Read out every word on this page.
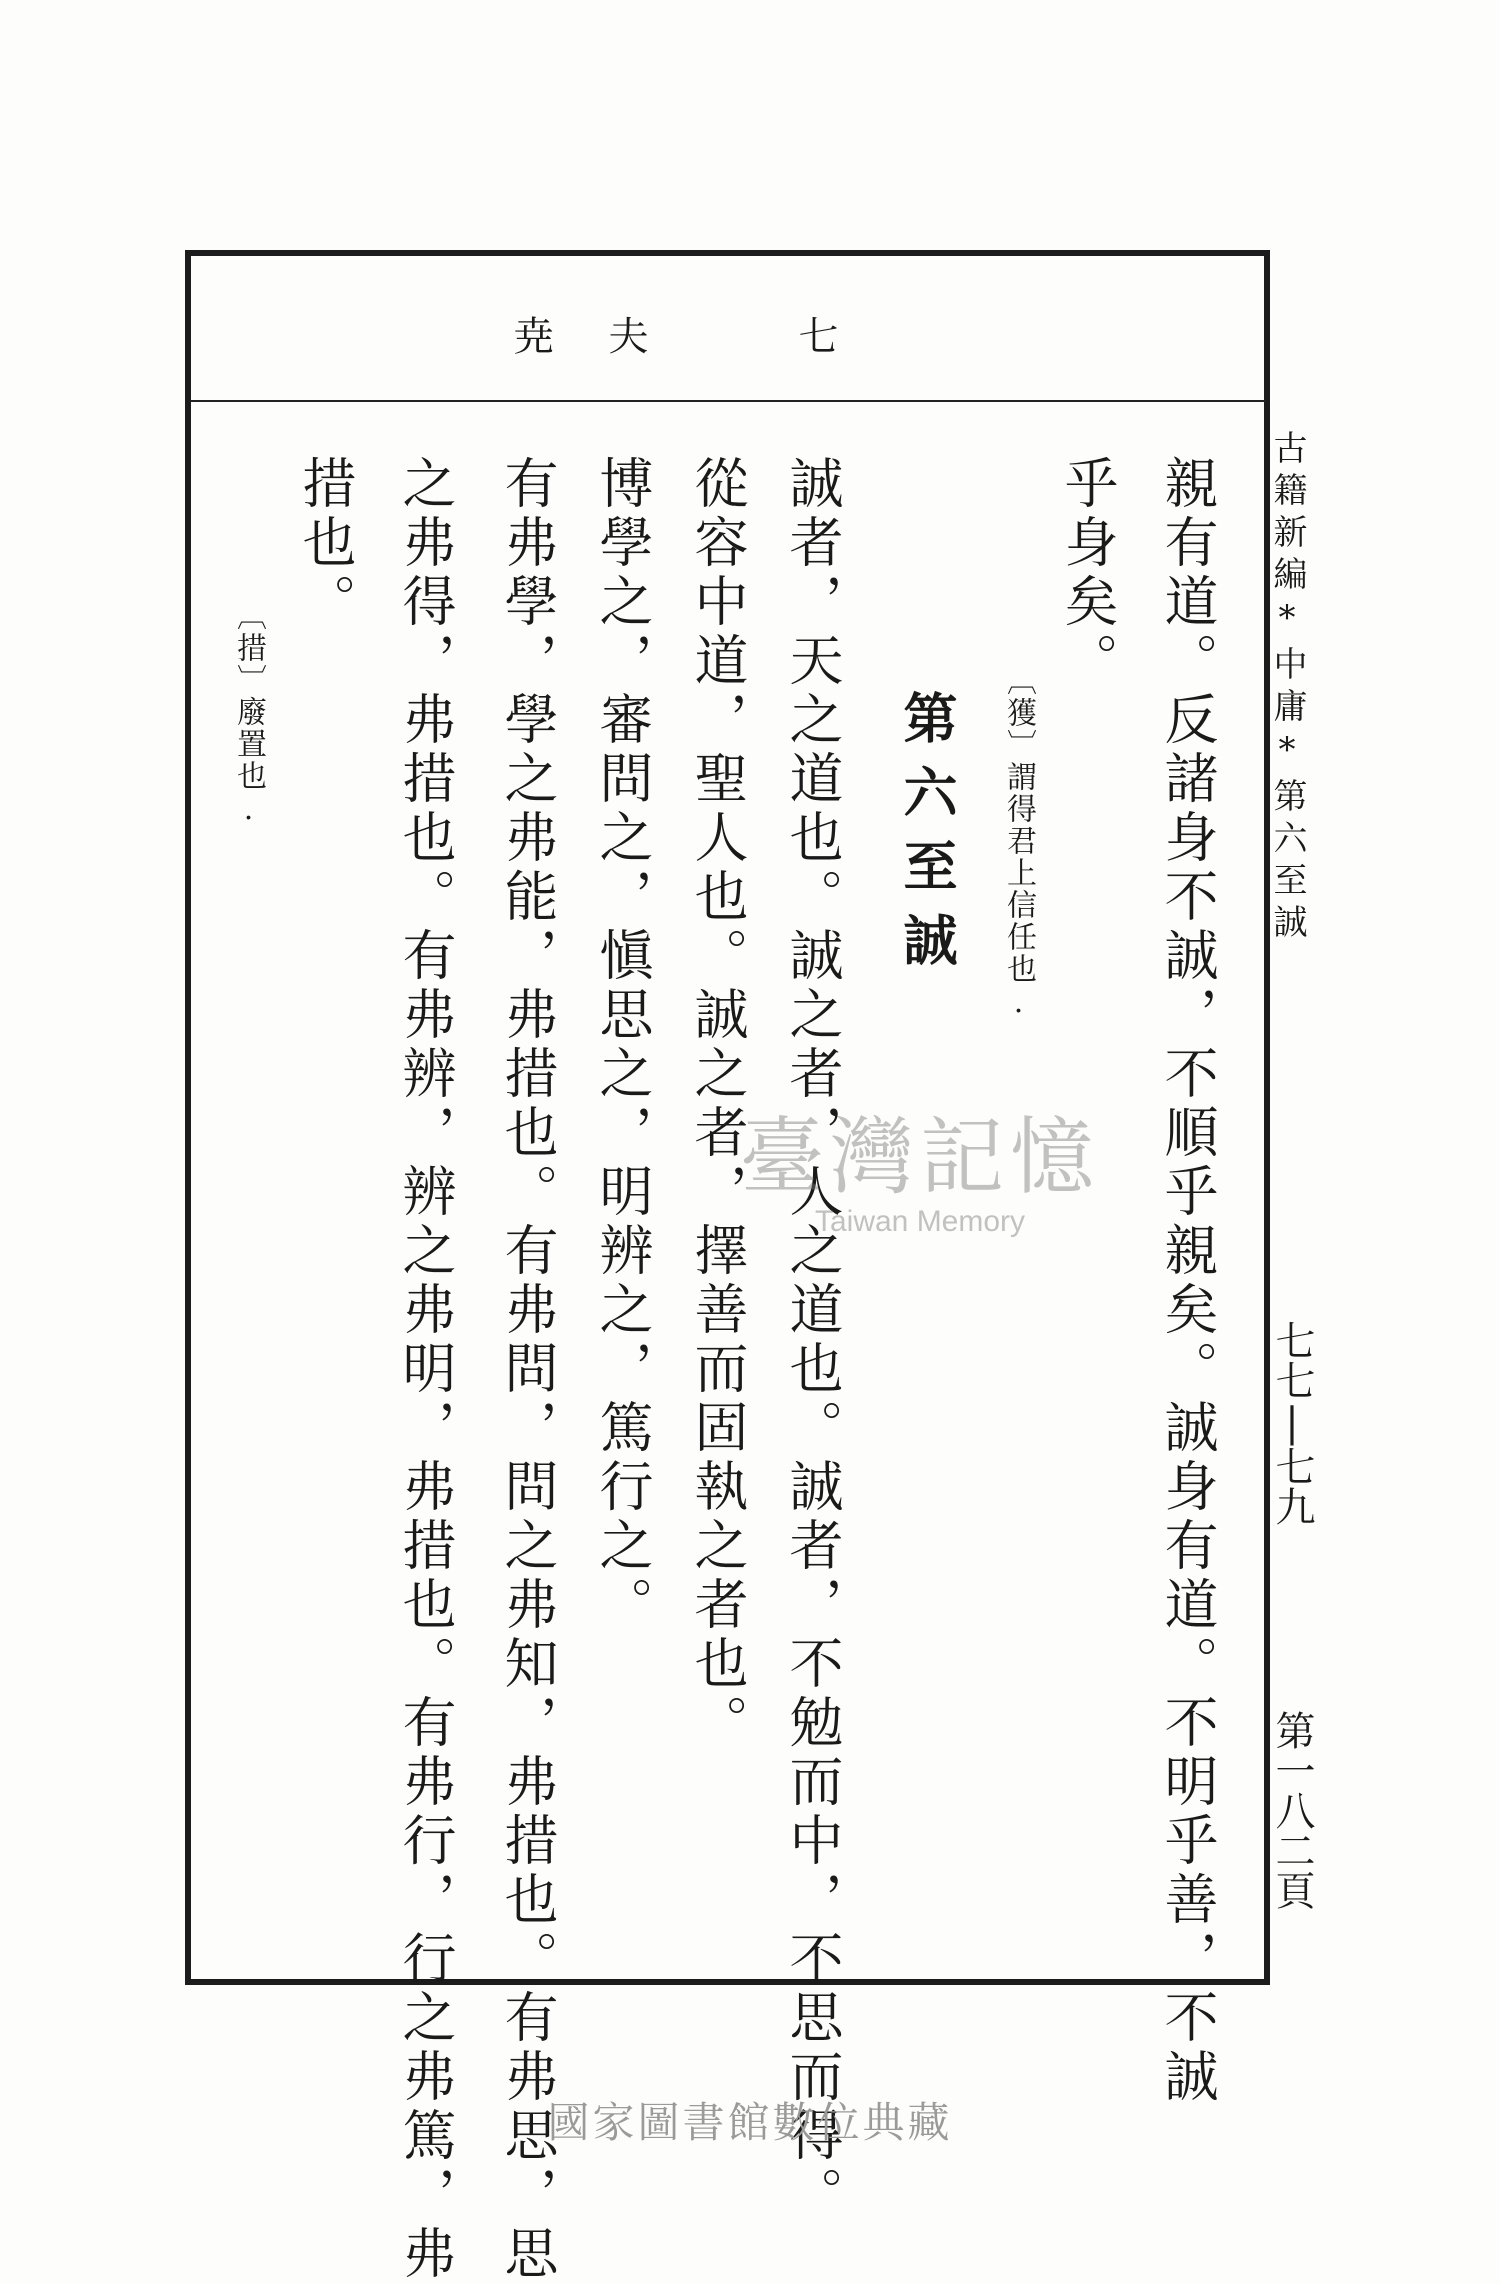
古籍新編*中庸*第六至誠
七七|七九
第一八二頁
七
夫
尭
親有道。反諸身不誠，不順乎親矣。誠身有道。不明乎善，不誠
乎身矣。
〔獲〕謂得君上信任也.
第六至誠
誠者，天之道也。誠之者，人之道也。誠者，不勉而中，不思而得。
從容中道，聖人也。誠之者，擇善而固執之者也。
博學之，審問之，愼思之，明辨之，篤行之。
有弗學，學之弗能，弗措也。有弗問，問之弗知，弗措也。有弗思，思
之弗得，弗措也。有弗辨，辨之弗明，弗措也。有弗行，行之弗篤，弗
措也。
〔措〕廢置也.
臺灣記憶
Taiwan Memory
國家圖書館數位典藏
